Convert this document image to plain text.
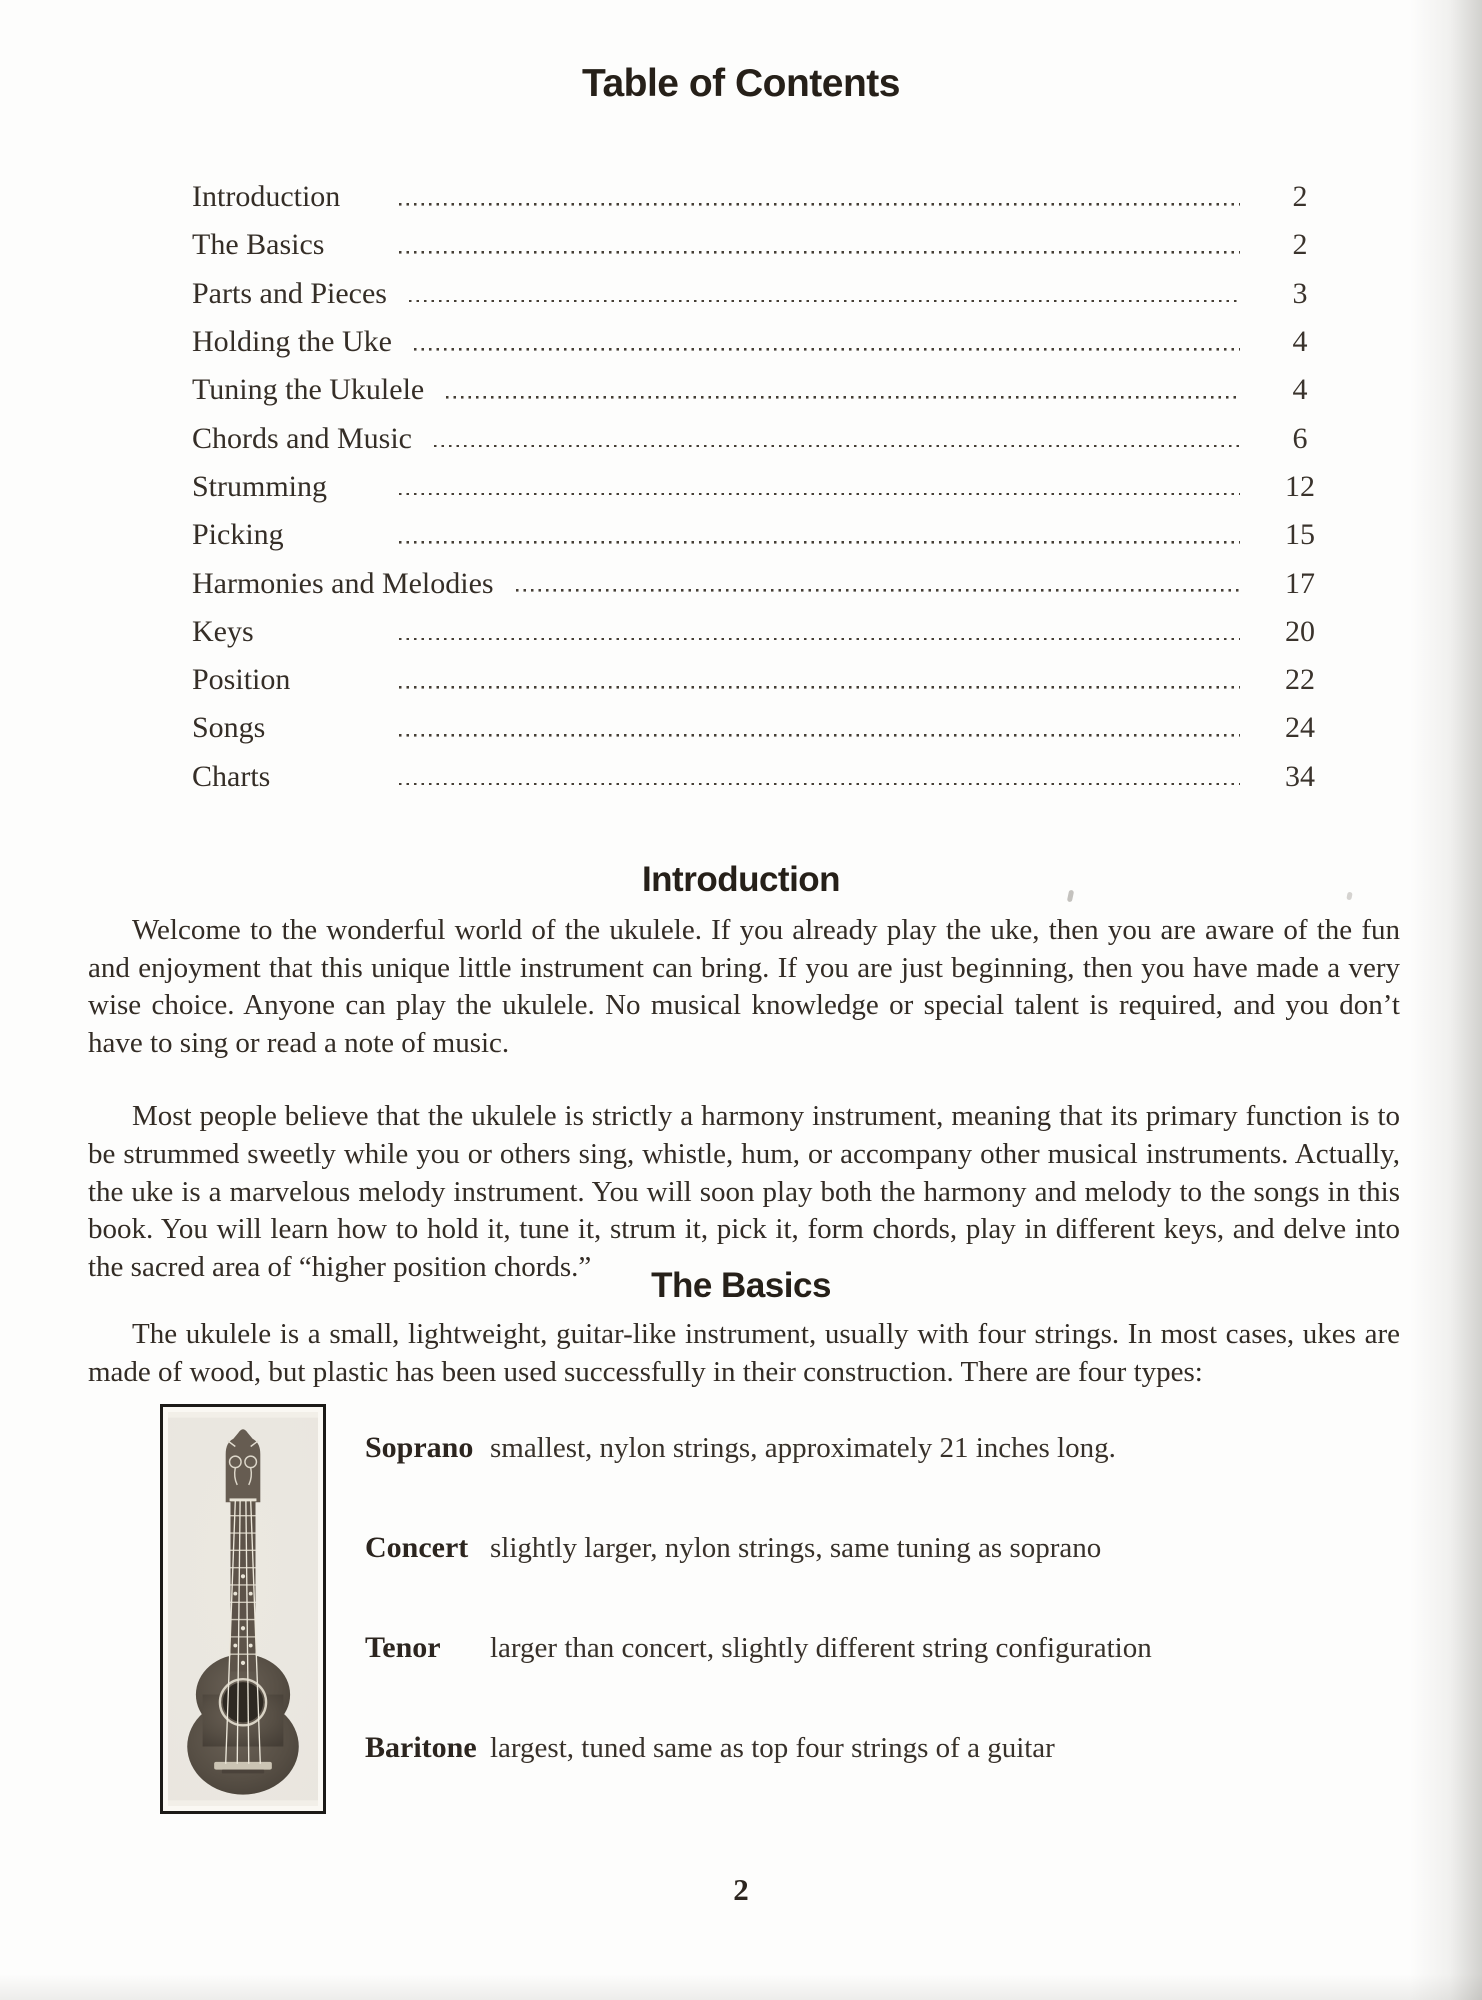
Table of Contents
Introduction	2
The Basics	2
Parts and Pieces	3
Holding the Uke	4
Tuning the Ukulele	4
Chords and Music	6
Strumming	12
Picking	15
Harmonies and Melodies	17
Keys	20
Position	22
Songs	24
Charts	34
Introduction

Welcome to the wonderful world of the ukulele. If you already play the uke, then you are aware of the fun and enjoyment that this unique little instrument can bring. If you are just beginning, then you have made a very wise choice. Anyone can play the ukulele. No musical knowledge or special talent is required, and you don’t have to sing or read a note of music.

Most people believe that the ukulele is strictly a harmony instrument, meaning that its primary function is to be strummed sweetly while you or others sing, whistle, hum, or accompany other musical instruments. Actually, the uke is a marvelous melody instrument. You will soon play both the harmony and melody to the songs in this book. You will learn how to hold it, tune it, strum it, pick it, form chords, play in different keys, and delve into the sacred area of “higher position chords.”	The Basics

The ukulele is a small, lightweight, guitar-like instrument, usually with four strings. In most cases, ukes are made of wood, but plastic has been used successfully in their construction. There are four types:

Soprano smallest, nylon strings, approximately 21 inches long.
Concert slightly larger, nylon strings, same tuning as soprano
Tenor	larger than concert, slightly different string configuration
Baritone largest, tuned same as top four strings of a guitar
2
